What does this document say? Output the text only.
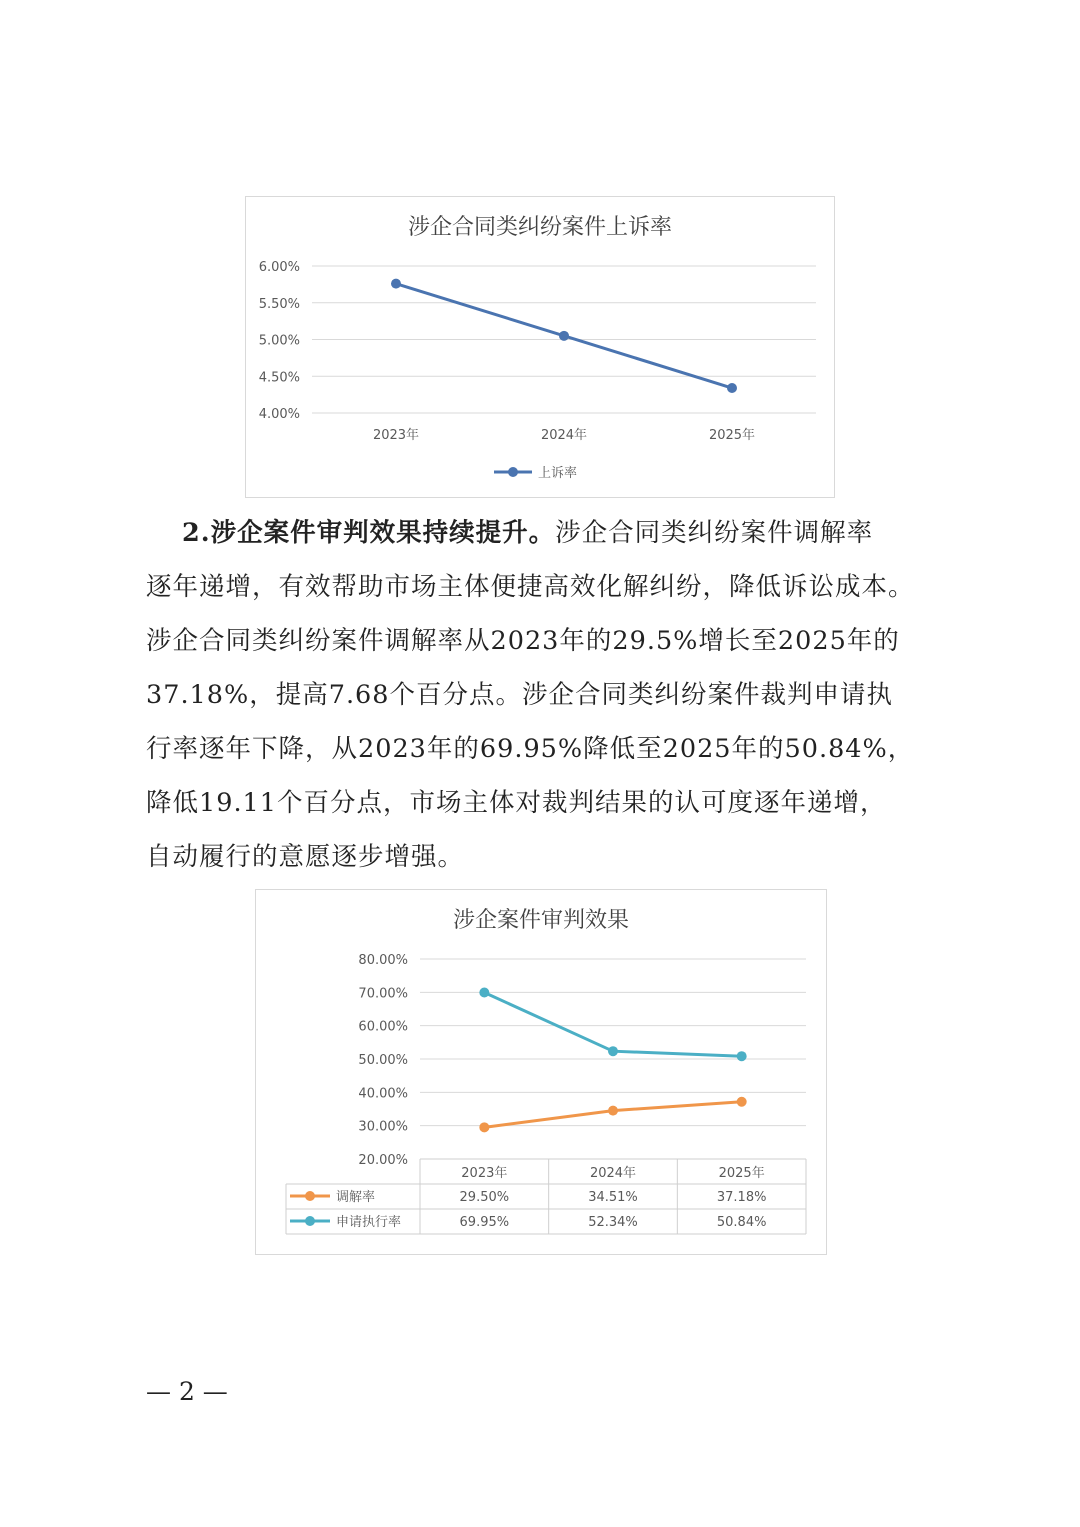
涉企合同类纠纷案件上诉率
4.00%
4.50%
5.00%
5.50%
6.00%
2023年	2024年	2025年
上诉率
2.涉企案件审判效果持续提升。涉企合同类纠纷案件调解率
逐年递增，有效帮助市场主体便捷高效化解纠纷，降低诉讼成本。
涉企合同类纠纷案件调解率从2023年的29.5%增长至2025年的
37.18%，提高7.68个百分点。涉企合同类纠纷案件裁判申请执
行率逐年下降，从2023年的69.95%降低至2025年的50.84%，
降低19.11个百分点，市场主体对裁判结果的认可度逐年递增，
自动履行的意愿逐步增强。
涉企案件审判效果
20.00%
30.00%
40.00%
50.00%
60.00%
70.00%
80.00%
2023年	2024年	2025年
调解率	29.50%	34.51%	37.18%
申请执行率	69.95%	52.34%	50.84%
— 2 —
